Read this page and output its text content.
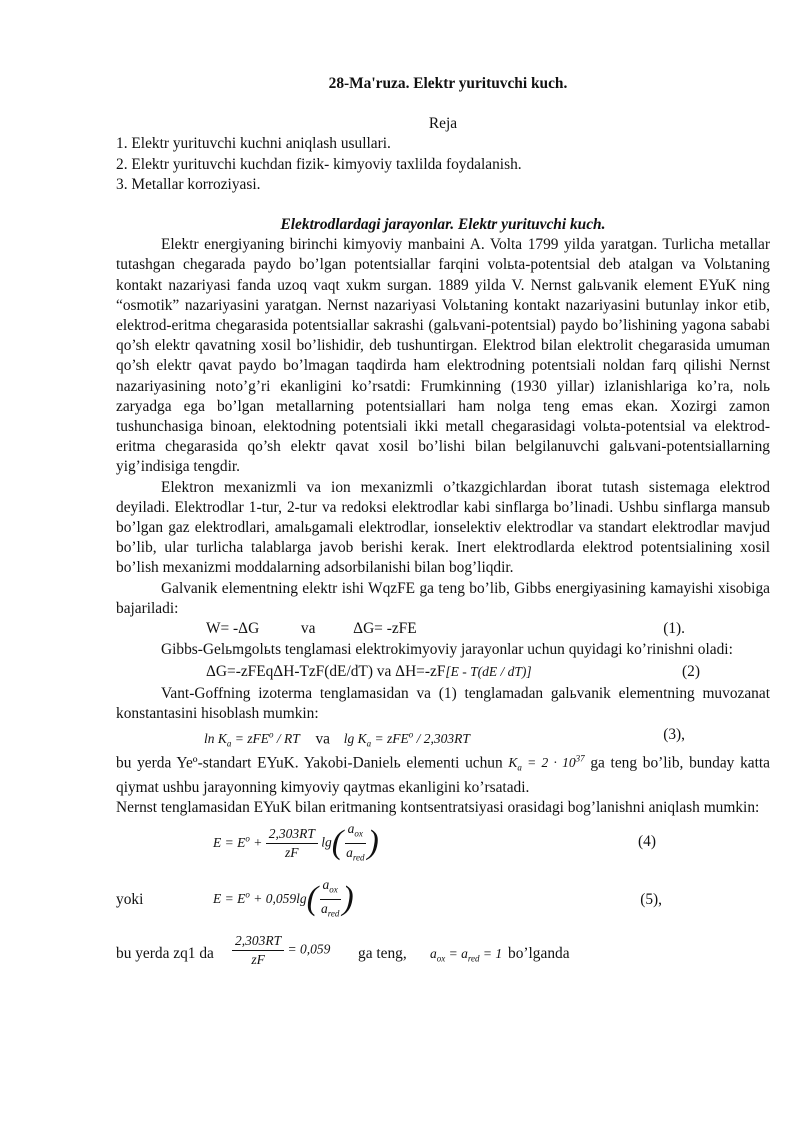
28-Ma'ruza. Elektr yurituvchi kuch.

Reja

1. Elektr yurituvchi kuchni aniqlash usullari.

2. Elektr yurituvchi kuchdan fizik- kimyoviy taxlilda foydalanish.

3. Metallar korroziyasi.

Elektrodlardagi jarayonlar. Elektr yurituvchi kuch.

Elektr energiyaning birinchi kimyoviy manbaini A. Volta 1799 yilda yaratgan. Turlicha metallar tutashgan chegarada paydo bo’lgan potentsiallar farqini volьta-potentsial deb atalgan va Volьtaning kontakt nazariyasi fanda uzoq vaqt xukm surgan. 1889 yilda V. Nernst galьvanik element EYuK ning “osmotik” nazariyasini yaratgan. Nernst nazariyasi Volьtaning kontakt nazariyasini butunlay inkor etib, elektrod-eritma chegarasida potentsiallar sakrashi (galьvani-potentsial) paydo bo’lishining yagona sababi qo’sh elektr qavatning xosil bo’lishidir, deb tushuntirgan. Elektrod bilan elektrolit chegarasida umuman qo’sh elektr qavat paydo bo’lmagan taqdirda ham elektrodning potentsiali noldan farq qilishi Nernst nazariyasining noto’g’ri ekanligini ko’rsatdi: Frumkinning (1930 yillar) izlanishlariga ko’ra, nolь zaryadga ega bo’lgan metallarning potentsiallari ham nolga teng emas ekan. Xozirgi zamon tushunchasiga binoan, elektodning potentsiali ikki metall chegarasidagi volьta-potentsial va elektrod-eritma chegarasida qo’sh elektr qavat xosil bo’lishi bilan belgilanuvchi galьvani-potentsiallarning yig’indisiga tengdir.

Elektron mexanizmli va ion mexanizmli o’tkazgichlardan iborat tutash sistemaga elektrod deyiladi. Elektrodlar 1-tur, 2-tur va redoksi elektrodlar kabi sinflarga bo’linadi. Ushbu sinflarga mansub bo’lgan gaz elektrodlari, amalьgamali elektrodlar, ionselektiv elektrodlar va standart elektrodlar mavjud bo’lib, ular turlicha talablarga javob berishi kerak. Inert elektrodlarda elektrod potentsialining xosil bo’lish mexanizmi moddalarning adsorbilanishi bilan bog’liqdir.

Galvanik elementning elektr ishi WqzFE ga teng bo’lib, Gibbs energiyasining kamayishi xisobiga bajariladi:

W= -ΔG	va ΔG= -zFE	(1).

Gibbs-Gelьmgolьts tenglamasi elektrokimyoviy jarayonlar uchun quyidagi ko’rinishni oladi:

ΔG=-zFEqΔH-TzF(dE/dT) va ΔH=-zF[E - T(dE / dT)]	(2)

Vant-Goffning izoterma tenglamasidan va (1) tenglamadan galьvanik elementning muvozanat konstantasini hisoblash mumkin:

$\ln K_a = zFE^o$ / RT va $\lg K_a = zFE^o / 2,303RT$	(3),

bu yerda Yeº-standart EYuK. Yakobi-Danielь elementi uchun $K_a = 2 \cdot 10^{37}$ ga teng bo’lib, bunday katta qiymat ushbu jarayonning kimyoviy qaytmas ekanligini ko’rsatadi.

Nernst tenglamasidan EYuK bilan eritmaning kontsentratsiyasi orasidagi bog’lanishni aniqlash mumkin:

$E = E^o + \frac{2,303RT}{zF} \lg( \frac{a_{ox}}{a_{red}}$ )	(4)
yoki	$E = E^o + 0,059\lg( \frac{a_{ox}}{a_{red}}$ )	(5),
bu yerda zq1 da $\frac{2,303RT}{zF} = 0,059$ ga teng, $a_{ox} = a_{red} = 1$ bo’lganda
